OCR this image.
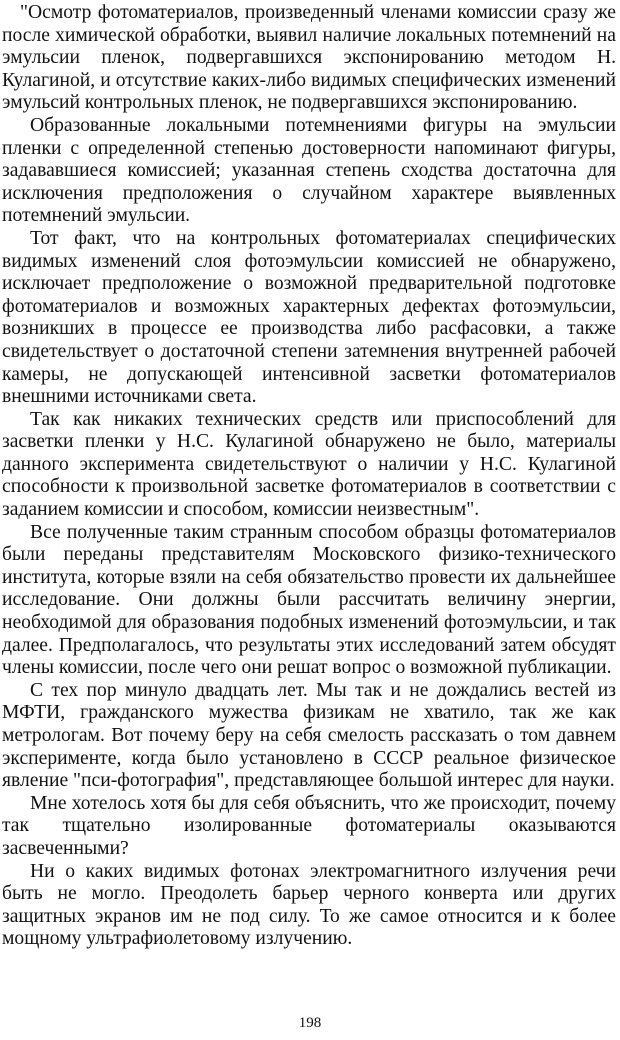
"Осмотр фотоматериалов, произведенный членами комиссии сразу же после химической обработки, выявил наличие локальных потемнений на эмульсии пленок, подвергавшихся экспонированию методом Н. Кулагиной, и отсутствие каких-либо видимых специфических изменений эмульсий контрольных пленок, не подвергавшихся экспонированию.

Образованные локальными потемнениями фигуры на эмульсии пленки с определенной степенью достоверности напоминают фигуры, задававшиеся комиссией; указанная степень сходства достаточна для исключения предположения о случайном характере выявленных потемнений эмульсии.

Тот факт, что на контрольных фотоматериалах специфических видимых изменений слоя фотоэмульсии комиссией не обнаружено, исключает предположение о возможной предварительной подготовке фотоматериалов и возможных характерных дефектах фотоэмульсии, возникших в процессе ее производства либо расфасовки, а также свидетельствует о достаточной степени затемнения внутренней рабочей камеры, не допускающей интенсивной засветки фотоматериалов внешними источниками света.

Так как никаких технических средств или приспособлений для засветки пленки у Н.С. Кулагиной обнаружено не было, материалы данного эксперимента свидетельствуют о наличии у Н.С. Кулагиной способности к произвольной засветке фотоматериалов в соответствии с заданием комиссии и способом, комиссии неизвестным".

Все полученные таким странным способом образцы фотоматериалов были переданы представителям Московского физико-технического института, которые взяли на себя обязательство провести их дальнейшее исследование. Они должны были рассчитать величину энергии, необходимой для образования подобных изменений фотоэмульсии, и так далее. Предполагалось, что результаты этих исследований затем обсудят члены комиссии, после чего они решат вопрос о возможной публикации.

С тех пор минуло двадцать лет. Мы так и не дождались вестей из МФТИ, гражданского мужества физикам не хватило, так же как метрологам. Вот почему беру на себя смелость рассказать о том давнем эксперименте, когда было установлено в СССР реальное физическое явление "пси-фотография", представляющее большой интерес для науки.

Мне хотелось хотя бы для себя объяснить, что же происходит, почему так тщательно изолированные фотоматериалы оказываются засвеченными?

Ни о каких видимых фотонах электромагнитного излучения речи быть не могло. Преодолеть барьер черного конверта или других защитных экранов им не под силу. То же самое относится и к более мощному ультрафиолетовому излучению.

198
